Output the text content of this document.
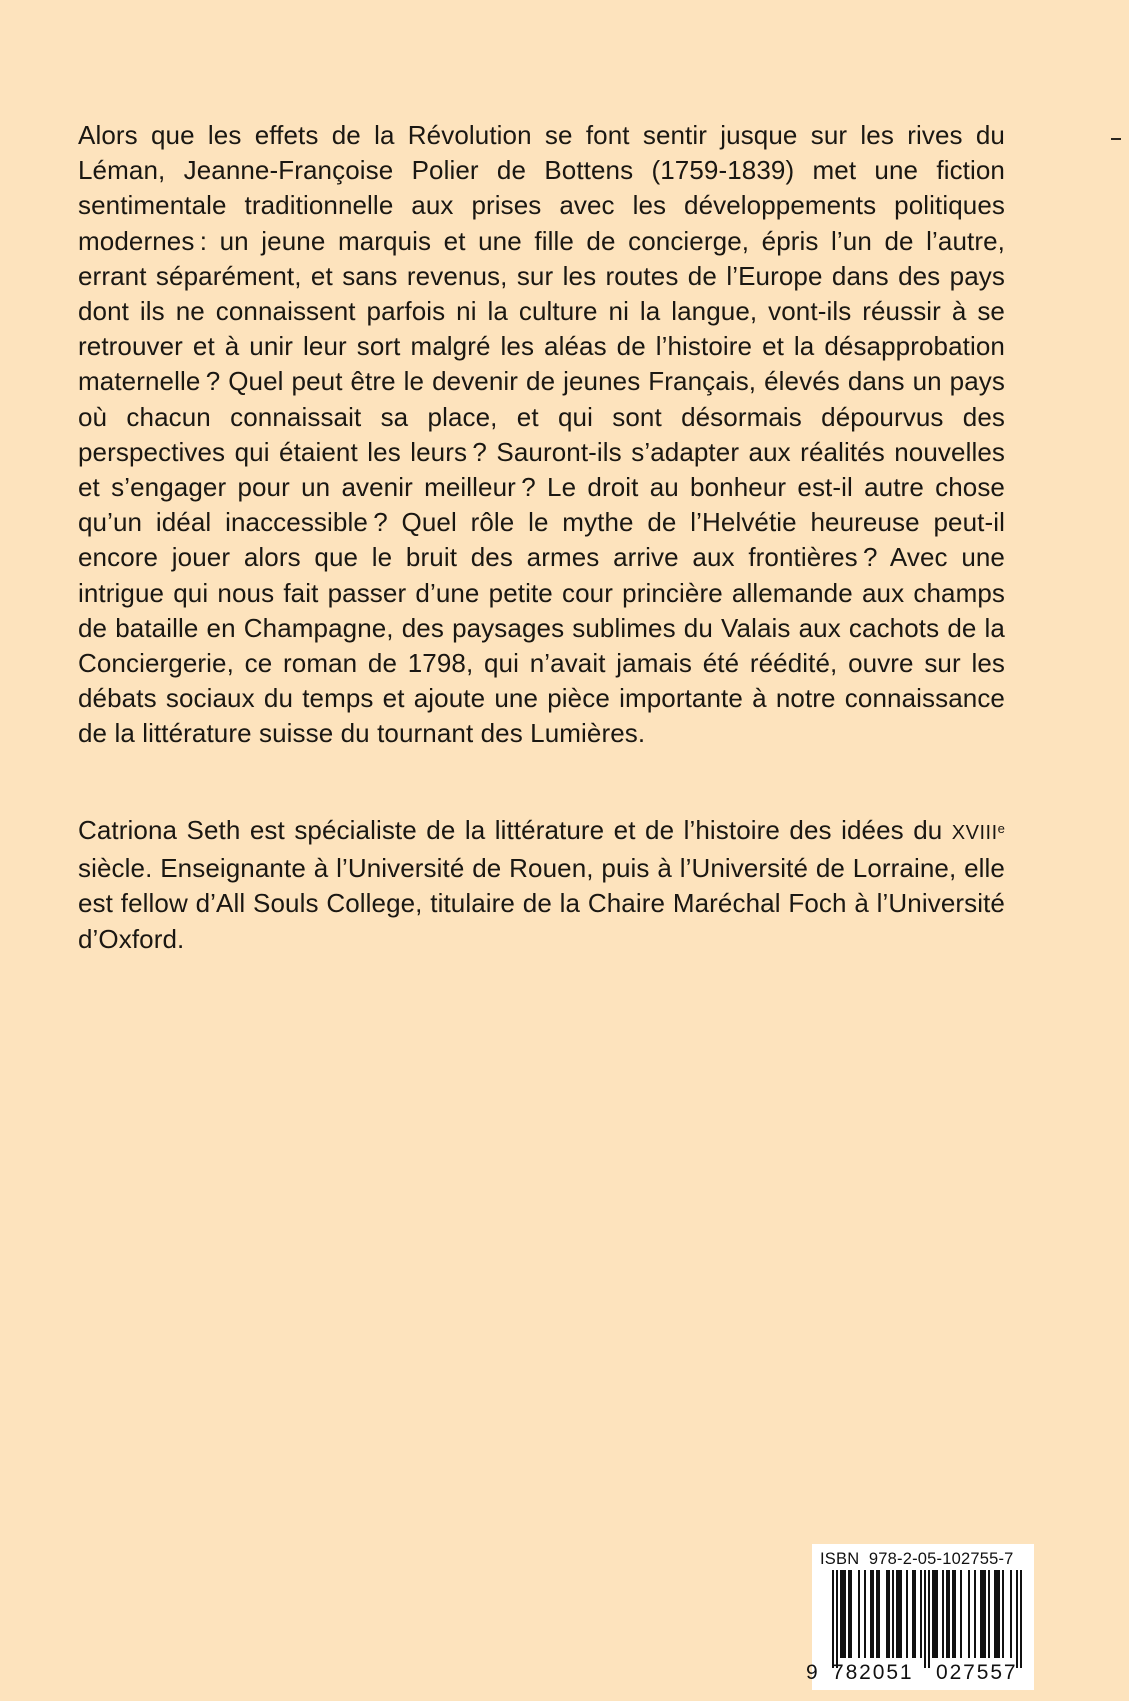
Alors que les effets de la Révolution se font sentir jusque sur les rives du Léman, Jeanne-Françoise Polier de Bottens (1759-1839) met une fiction sentimentale traditionnelle aux prises avec les développements politiques modernes : un jeune marquis et une fille de concierge, épris l’un de l’autre, errant séparément, et sans revenus, sur les routes de l’Europe dans des pays dont ils ne connaissent parfois ni la culture ni la langue, vont-ils réussir à se retrouver et à unir leur sort malgré les aléas de l’histoire et la désapprobation maternelle ? Quel peut être le devenir de jeunes Français, élevés dans un pays où chacun connaissait sa place, et qui sont désormais dépourvus des perspectives qui étaient les leurs ? Sauront-ils s’adapter aux réalités nouvelles et s’engager pour un avenir meilleur ? Le droit au bonheur est-il autre chose qu’un idéal inaccessible ? Quel rôle le mythe de l’Helvétie heureuse peut-il encore jouer alors que le bruit des armes arrive aux frontières ? Avec une intrigue qui nous fait passer d’une petite cour princière allemande aux champs de bataille en Champagne, des paysages sublimes du Valais aux cachots de la Conciergerie, ce roman de 1798, qui n’avait jamais été réédité, ouvre sur les débats sociaux du temps et ajoute une pièce importante à notre connaissance de la littérature suisse du tournant des Lumières.

Catriona Seth est spécialiste de la littérature et de l’histoire des idées du XVIIIe siècle. Enseignante à l’Université de Rouen, puis à l’Université de Lorraine, elle est fellow d’All Souls College, titulaire de la Chaire Maréchal Foch à l’Université d’Oxford.

ISBN 978-2-05-102755-7
9 782051 027557
